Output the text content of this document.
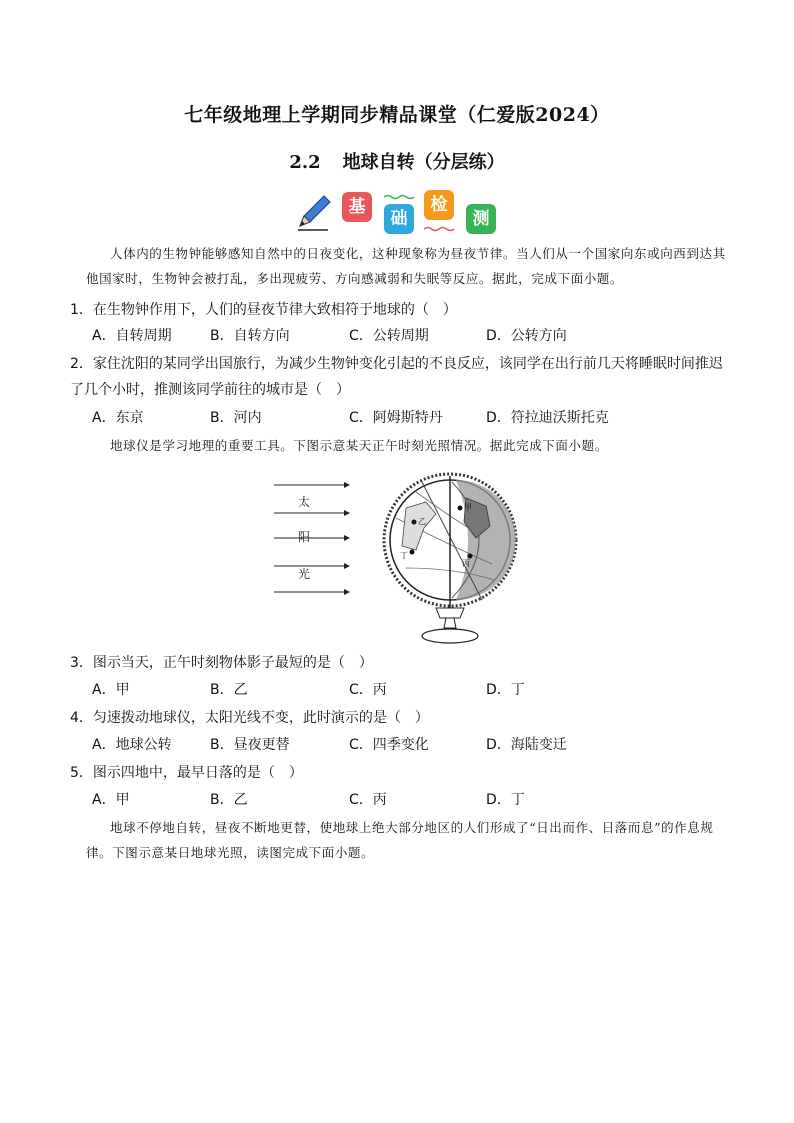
七年级地理上学期同步精品课堂（仁爱版2024）
2.2 地球自转（分层练）
基
础
检
测
人体内的生物钟能够感知自然中的日夜变化，这种现象称为昼夜节律。当人们从一个国家向东或向西到达其他国家时，生物钟会被打乱，多出现疲劳、方向感减弱和失眠等反应。据此，完成下面小题。
1．在生物钟作用下，人们的昼夜节律大致相符于地球的（　）
A．自转周期	B．自转方向	C．公转周期	D．公转方向
2．家住沈阳的某同学出国旅行，为减少生物钟变化引起的不良反应，该同学在出行前几天将睡眠时间推迟了几个小时，推测该同学前往的城市是（　）
A．东京	B．河内	C．阿姆斯特丹	D．符拉迪沃斯托克
地球仪是学习地理的重要工具。下图示意某天正午时刻光照情况。据此完成下面小题。
太
阳
光
甲
乙
丙
丁
3．图示当天，正午时刻物体影子最短的是（　）
A．甲	B．乙	C．丙	D．丁
4．匀速拨动地球仪，太阳光线不变，此时演示的是（　）
A．地球公转	B．昼夜更替	C．四季变化	D．海陆变迁
5．图示四地中，最早日落的是（　）
A．甲	B．乙	C．丙	D．丁
地球不停地自转，昼夜不断地更替，使地球上绝大部分地区的人们形成了“日出而作、日落而息”的作息规律。下图示意某日地球光照，读图完成下面小题。
